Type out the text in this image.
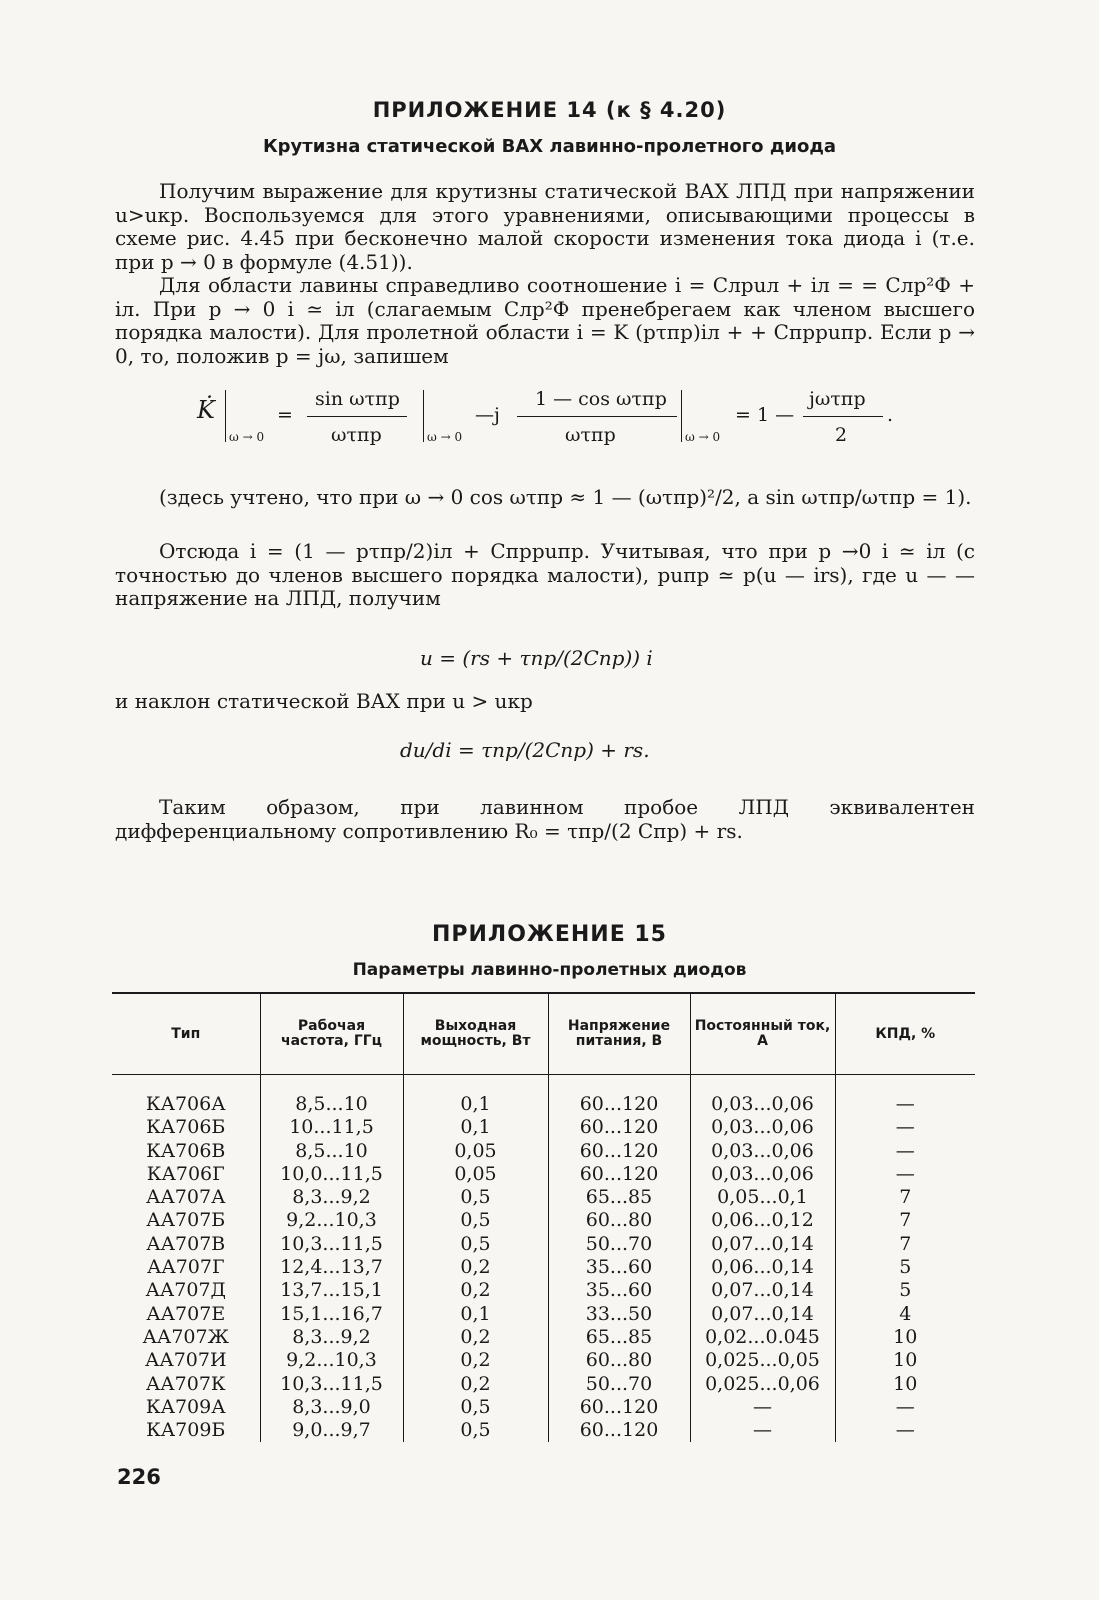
ПРИЛОЖЕНИЕ 14 (к § 4.20)
Крутизна статической ВАХ лавинно-пролетного диода
Получим выражение для крутизны статической ВАХ ЛПД при напряжении u>uкр. Воспользуемся для этого уравнениями, описывающими процессы в схеме рис. 4.45 при бесконечно малой скорости изменения тока диода i (т.е. при p → 0 в формуле (4.51)).
Для области лавины справедливо соотношение i = Cлpuл + iл = = Cлp²Ф + iл. При p → 0 i ≃ iл (слагаемым Cлp²Ф пренебрегаем как членом высшего порядка малости). Для пролетной области i = K (pτпр)iл + + Cпрpuпр. Если p → 0, то, положив p = jω, запишем
K̇
ω → 0
=
sin ωτпр
ωτпр	ω → 0
—j
1 — cos ωτпр
ωτпр	ω → 0
= 1 —
jωτпр
2
.
(здесь учтено, что при ω → 0 cos ωτпр ≈ 1 — (ωτпр)²/2, а sin ωτпр/ωτпр = 1).
Отсюда i = (1 — pτпр/2)iл + Cпрpuпр. Учитывая, что при p →0 i ≃ iл (с точностью до членов высшего порядка малости), puпр ≃ p(u — irs), где u — — напряжение на ЛПД, получим
u = (rs + τпр/(2Cпр)) i
и наклон статической ВАХ при u > uкр
du/di = τпр/(2Cпр) + rs.
Таким образом, при лавинном пробое ЛПД эквивалентен дифференциальному сопротивлению R₀ = τпр/(2 Cпр) + rs.
ПРИЛОЖЕНИЕ 15
Параметры лавинно-пролетных диодов
Тип	Рабочая частота, ГГц	Выходная мощность, Вт	Напряжение питания, В	Постоянный ток, А	КПД, %

КА706А	8,5...10	0,1	60...120	0,03...0,06	—
КА706Б	10...11,5	0,1	60...120	0,03...0,06	—
КА706В	8,5...10	0,05	60...120	0,03...0,06	—
КА706Г	10,0...11,5	0,05	60...120	0,03...0,06	—
АА707А	8,3...9,2	0,5	65...85	0,05...0,1	7
АА707Б	9,2...10,3	0,5	60...80	0,06...0,12	7
АА707В	10,3...11,5	0,5	50...70	0,07...0,14	7
АА707Г	12,4...13,7	0,2	35...60	0,06...0,14	5
АА707Д	13,7...15,1	0,2	35...60	0,07...0,14	5
АА707Е	15,1...16,7	0,1	33...50	0,07...0,14	4
АА707Ж	8,3...9,2	0,2	65...85	0,02...0.045	10
АА707И	9,2...10,3	0,2	60...80	0,025...0,05	10
АА707К	10,3...11,5	0,2	50...70	0,025...0,06	10
КА709А	8,3...9,0	0,5	60...120	—	—
КА709Б	9,0...9,7	0,5	60...120	—	—
226
